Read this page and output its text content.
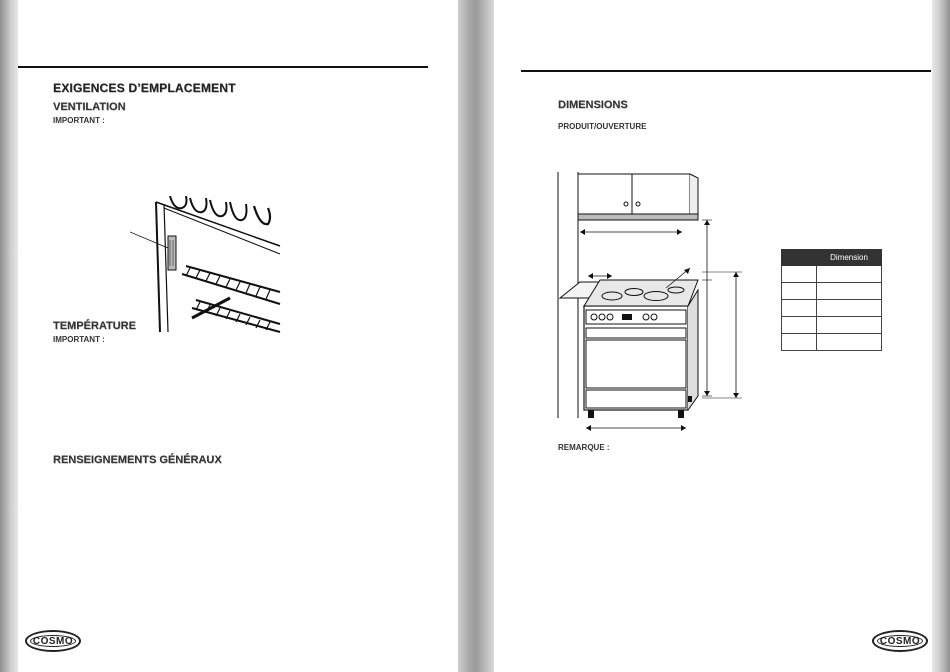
EXIGENCES D’EMPLACEMENT
VENTILATION
IMPORTANT :
TEMPÉRATURE
IMPORTANT :
RENSEIGNEMENTS GÉNÉRAUX
COSMO
DIMENSIONS
PRODUIT/OUVERTURE
	Dimension

REMARQUE :
COSMO
